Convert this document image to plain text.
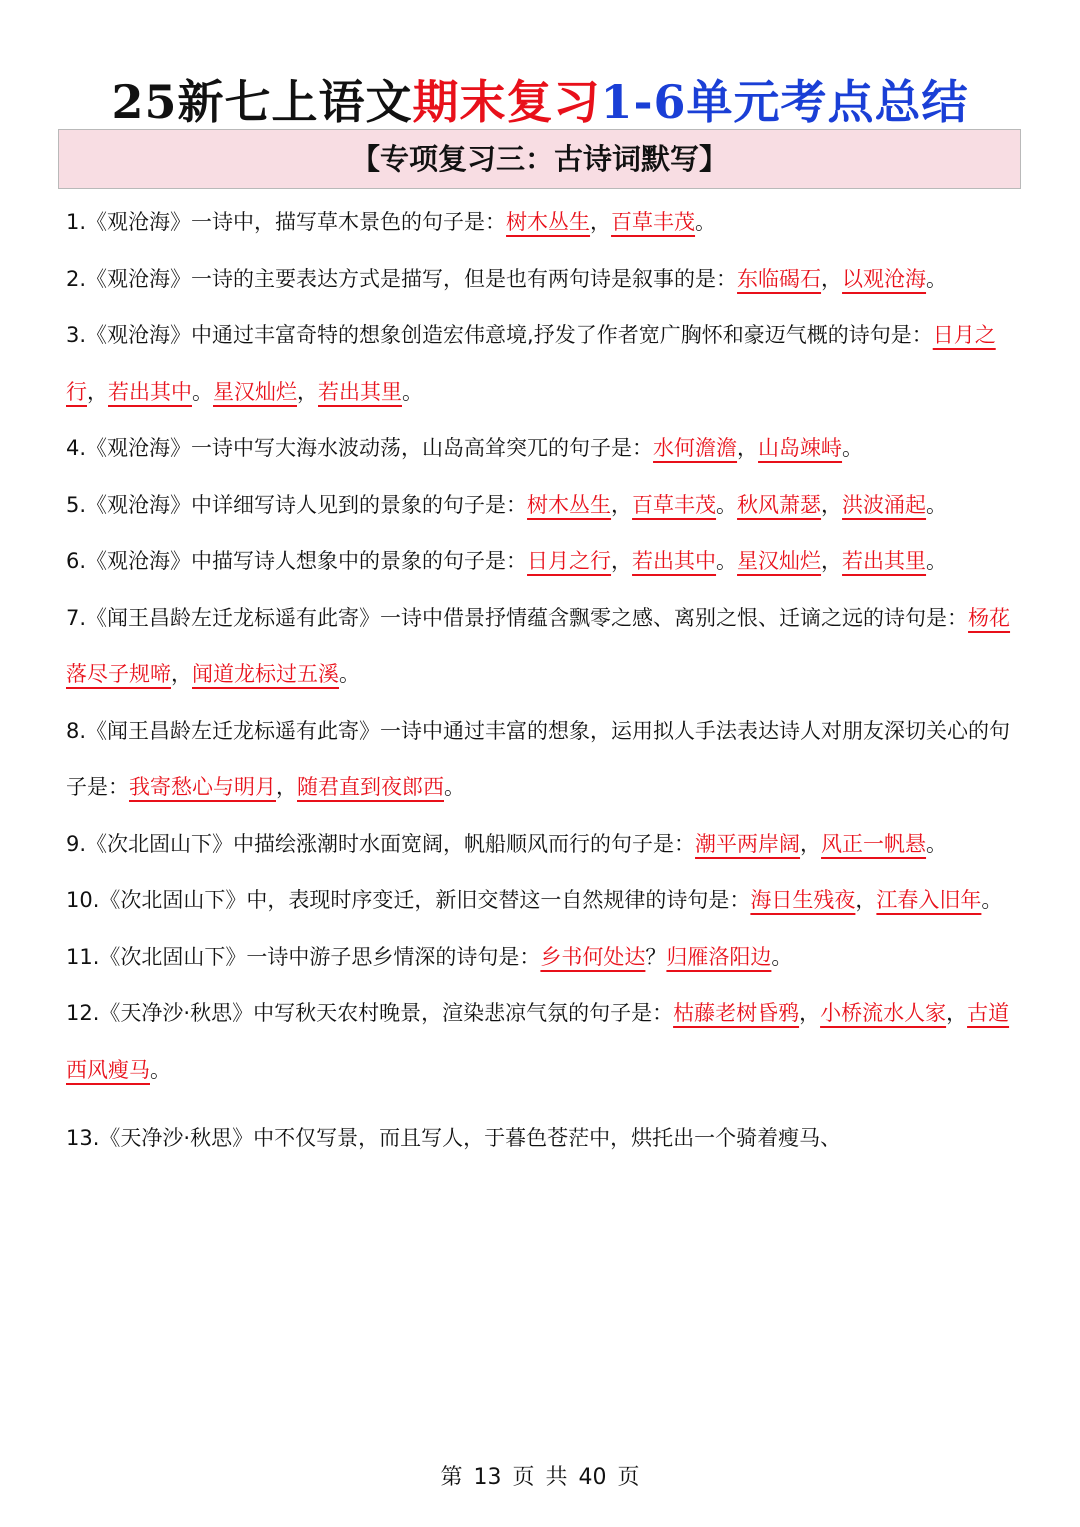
25新七上语文期末复习1-6单元考点总结
【专项复习三：古诗词默写】

1.《观沧海》一诗中，描写草木景色的句子是：树木丛生，百草丰茂。

2.《观沧海》一诗的主要表达方式是描写，但是也有两句诗是叙事的是：东临碣石，以观沧海。

3.《观沧海》中通过丰富奇特的想象创造宏伟意境,抒发了作者宽广胸怀和豪迈气概的诗句是：日月之行，若出其中。星汉灿烂，若出其里。

4.《观沧海》一诗中写大海水波动荡，山岛高耸突兀的句子是：水何澹澹，山岛竦峙。

5.《观沧海》中详细写诗人见到的景象的句子是：树木丛生，百草丰茂。秋风萧瑟，洪波涌起。

6.《观沧海》中描写诗人想象中的景象的句子是：日月之行，若出其中。星汉灿烂，若出其里。

7.《闻王昌龄左迁龙标遥有此寄》一诗中借景抒情蕴含飘零之感、离别之恨、迁谪之远的诗句是：杨花落尽子规啼，闻道龙标过五溪。

8.《闻王昌龄左迁龙标遥有此寄》一诗中通过丰富的想象，运用拟人手法表达诗人对朋友深切关心的句子是：我寄愁心与明月，随君直到夜郎西。

9.《次北固山下》中描绘涨潮时水面宽阔，帆船顺风而行的句子是：潮平两岸阔，风正一帆悬。

10.《次北固山下》中，表现时序变迁，新旧交替这一自然规律的诗句是：海日生残夜，江春入旧年。

11.《次北固山下》一诗中游子思乡情深的诗句是：乡书何处达？归雁洛阳边。

12.《天净沙·秋思》中写秋天农村晚景，渲染悲凉气氛的句子是：枯藤老树昏鸦，小桥流水人家，古道西风瘦马。

13.《天净沙·秋思》中不仅写景，而且写人，于暮色苍茫中，烘托出一个骑着瘦马、

第 13 页 共 40 页
